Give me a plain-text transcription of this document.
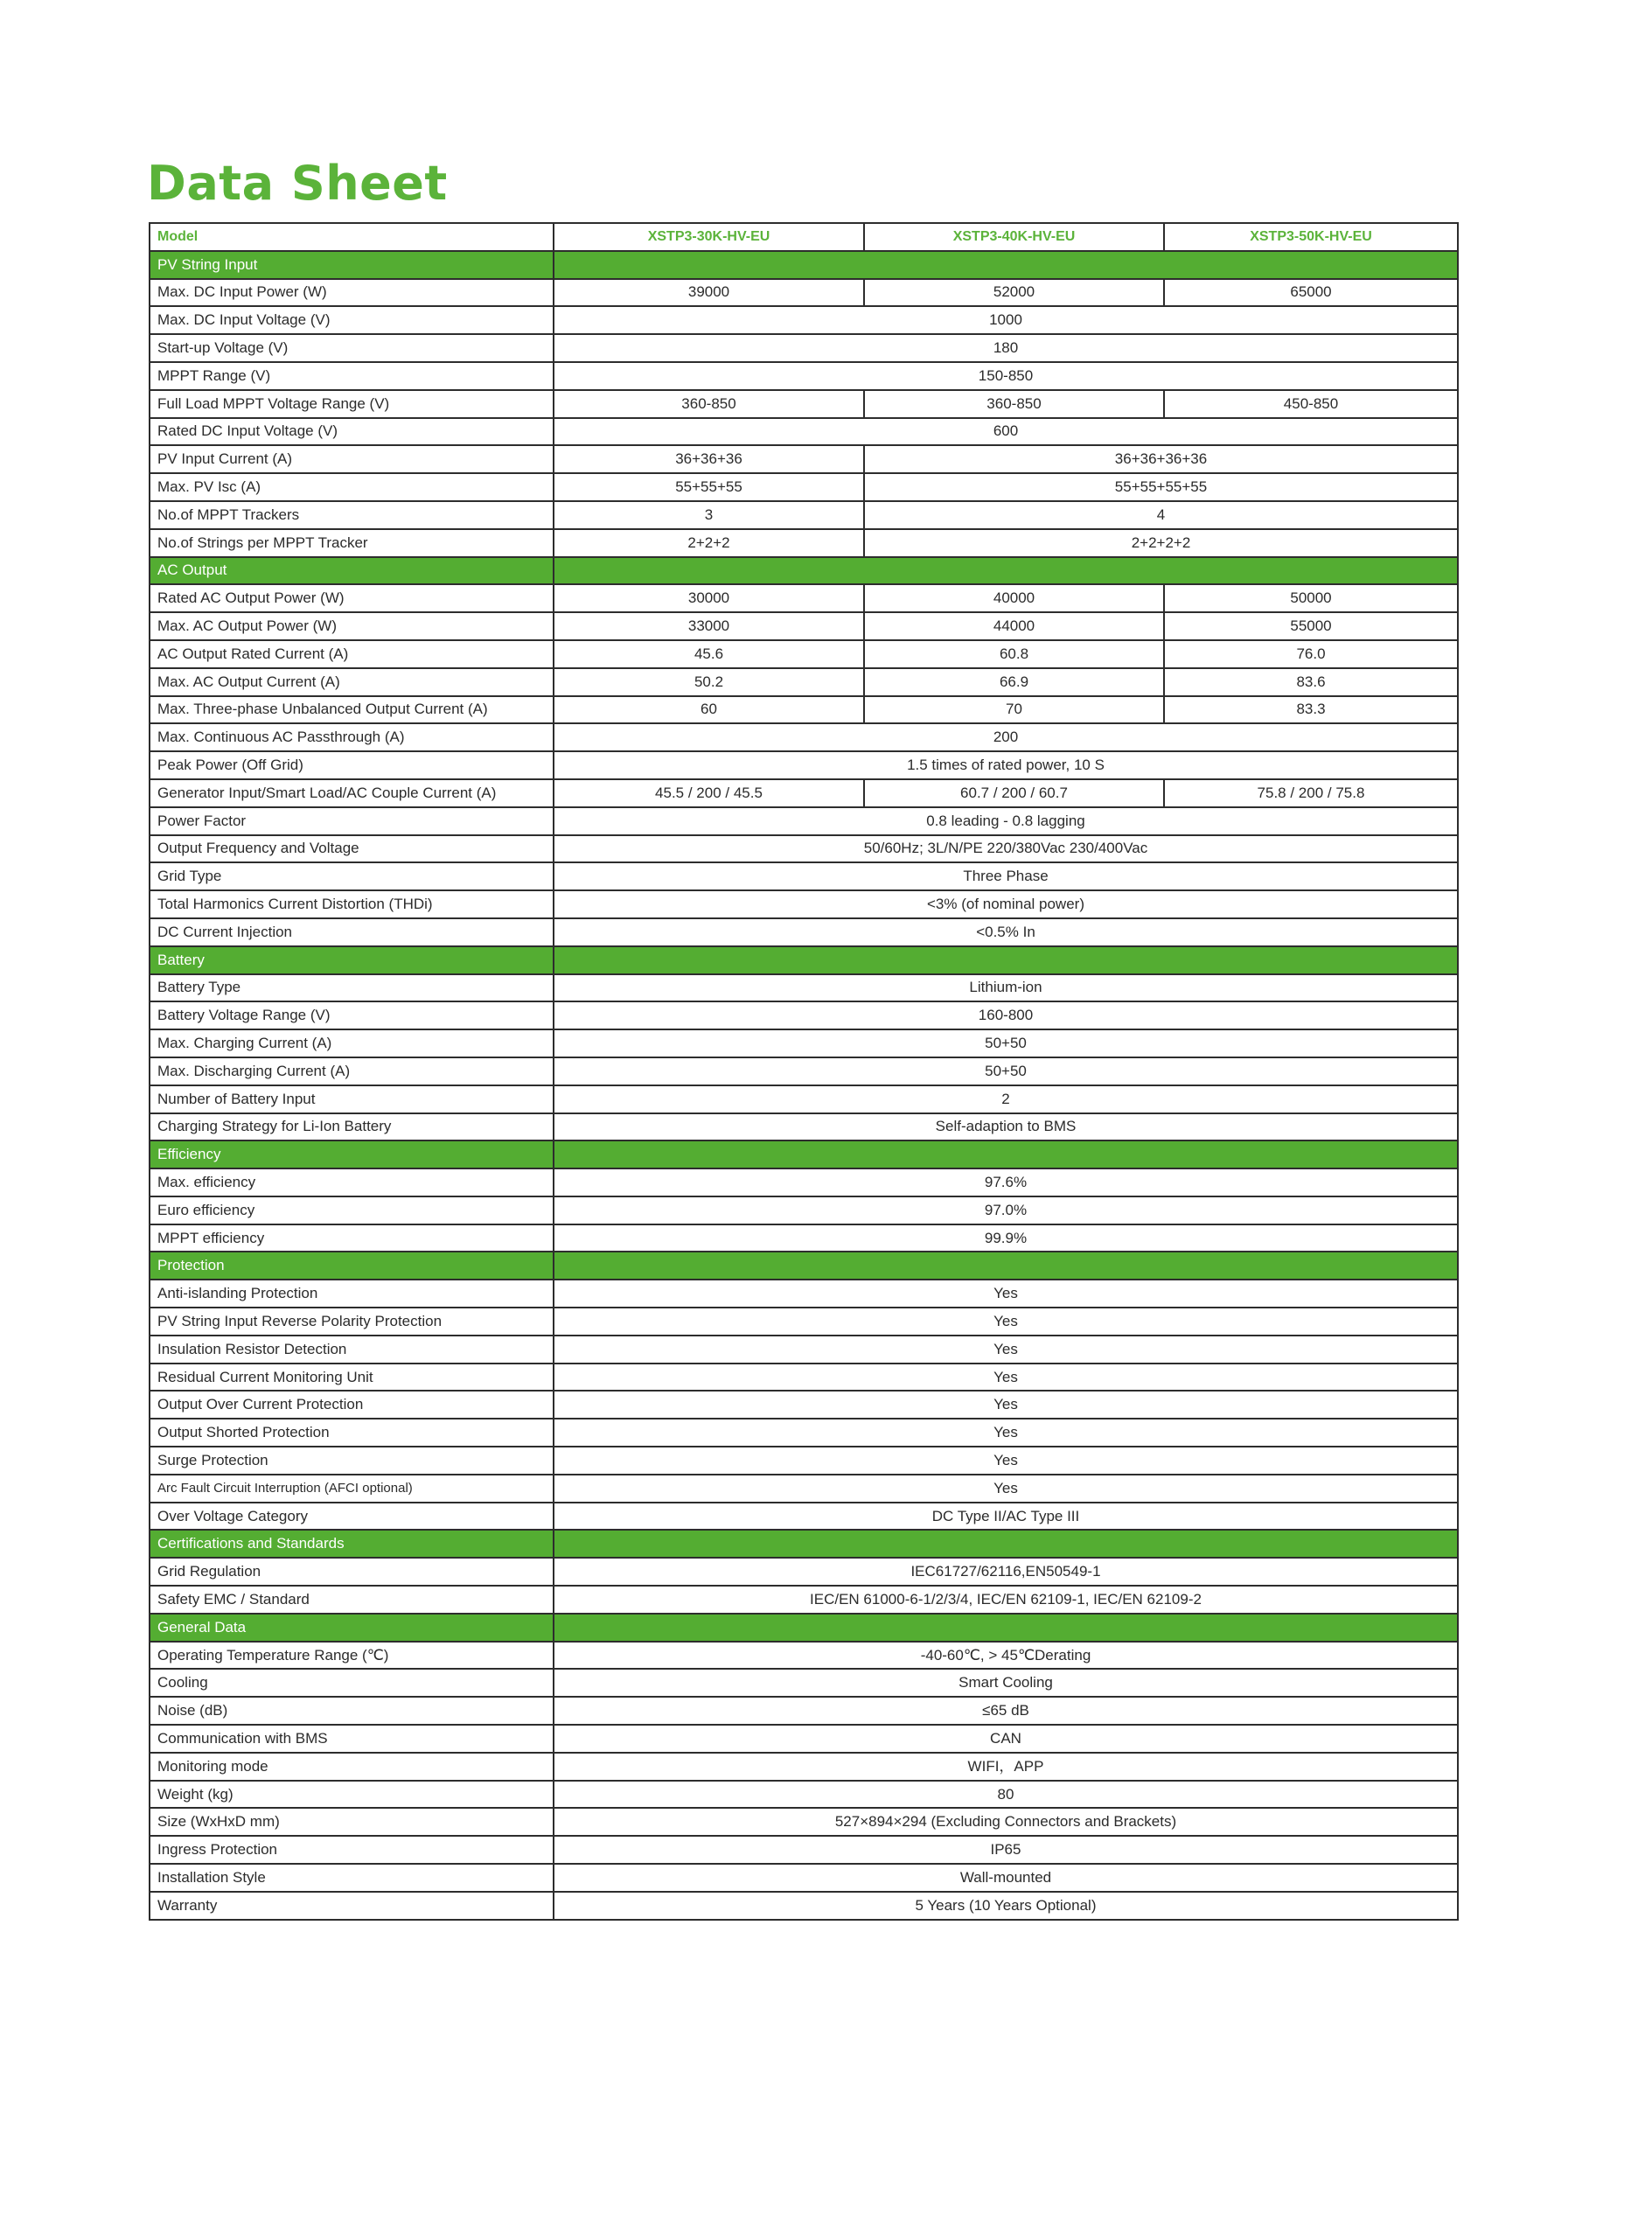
Data Sheet
Model	XSTP3-30K-HV-EU	XSTP3-40K-HV-EU	XSTP3-50K-HV-EU
PV String Input			
Max. DC Input Power (W)	39000	52000	65000
Max. DC Input Voltage (V)	1000		
Start-up Voltage (V)	180		
MPPT Range (V)	150-850		
Full Load MPPT Voltage Range (V)	360-850	360-850	450-850
Rated DC Input Voltage (V)	600		
PV Input Current (A)	36+36+36	36+36+36+36	
Max. PV Isc (A)	55+55+55	55+55+55+55	
No.of MPPT Trackers	3	4	
No.of Strings per MPPT Tracker	2+2+2	2+2+2+2	
AC Output			
Rated AC Output Power (W)	30000	40000	50000
Max. AC Output Power (W)	33000	44000	55000
AC Output Rated Current (A)	45.6	60.8	76.0
Max. AC Output Current (A)	50.2	66.9	83.6
Max. Three-phase Unbalanced Output Current (A)	60	70	83.3
Max. Continuous AC Passthrough (A)	200		
Peak Power (Off Grid)	1.5 times of rated power, 10 S		
Generator Input/Smart Load/AC Couple Current (A)	45.5 / 200 / 45.5	60.7 / 200 / 60.7	75.8 / 200 / 75.8
Power Factor	0.8 leading - 0.8 lagging		
Output Frequency and Voltage	50/60Hz; 3L/N/PE 220/380Vac 230/400Vac		
Grid Type	Three Phase		
Total Harmonics Current Distortion (THDi)	<3% (of nominal power)		
DC Current Injection	<0.5% In		
Battery			
Battery Type	Lithium-ion		
Battery Voltage Range (V)	160-800		
Max. Charging Current (A)	50+50		
Max. Discharging Current (A)	50+50		
Number of Battery Input	2		
Charging Strategy for Li-Ion Battery	Self-adaption to BMS		
Efficiency			
Max. efficiency	97.6%		
Euro efficiency	97.0%		
MPPT efficiency	99.9%		
Protection			
Anti-islanding Protection	Yes		
PV String Input Reverse Polarity Protection	Yes		
Insulation Resistor Detection	Yes		
Residual Current Monitoring Unit	Yes		
Output Over Current Protection	Yes		
Output Shorted Protection	Yes		
Surge Protection	Yes		
Arc Fault Circuit Interruption (AFCI optional)	Yes		
Over Voltage Category	DC Type II/AC Type III		
Certifications and Standards			
Grid Regulation	IEC61727/62116,EN50549-1		
Safety EMC / Standard	IEC/EN 61000-6-1/2/3/4, IEC/EN 62109-1, IEC/EN 62109-2		
General Data			
Operating Temperature Range (℃)	-40-60℃, > 45℃Derating		
Cooling	Smart Cooling		
Noise (dB)	≤65 dB		
Communication with BMS	CAN		
Monitoring mode	WIFI，APP		
Weight (kg)	80		
Size (WxHxD mm)	527×894×294 (Excluding Connectors and Brackets)		
Ingress Protection	IP65		
Installation Style	Wall-mounted		
Warranty	5 Years (10 Years Optional)		
